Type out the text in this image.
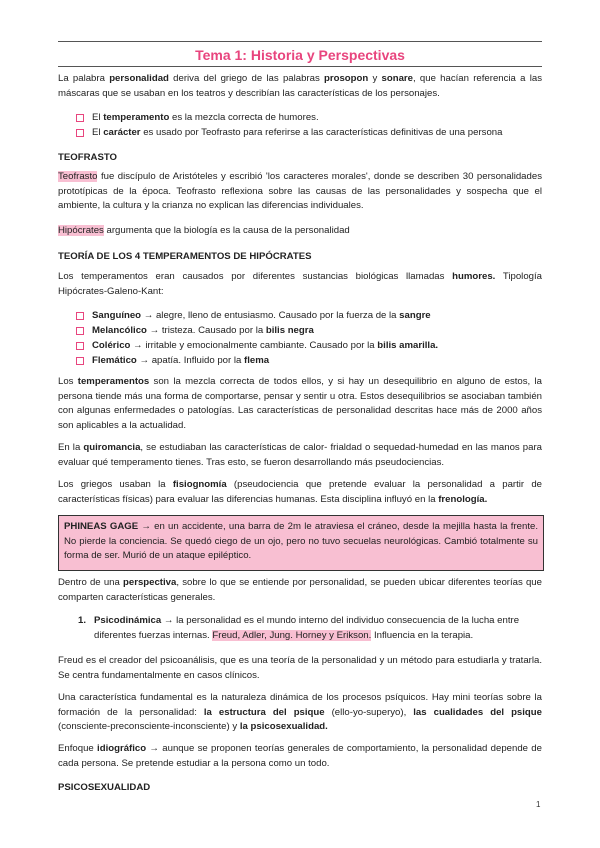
Tema 1: Historia y Perspectivas
La palabra personalidad deriva del griego de las palabras prosopon y sonare, que hacían referencia a las máscaras que se usaban en los teatros y describían las características de los personajes.
El temperamento es la mezcla correcta de humores.
El carácter es usado por Teofrasto para referirse a las características definitivas de una persona
TEOFRASTO
Teofrasto fue discípulo de Aristóteles y escribió 'los caracteres morales', donde se describen 30 personalidades prototípicas de la época. Teofrasto reflexiona sobre las causas de las personalidades y sospecha que el ambiente, la cultura y la crianza no explican las diferencias individuales.
Hipócrates argumenta que la biología es la causa de la personalidad
TEORÍA DE LOS 4 TEMPERAMENTOS DE HIPÓCRATES
Los temperamentos eran causados por diferentes sustancias biológicas llamadas humores. Tipología Hipócrates-Galeno-Kant:
Sanguíneo → alegre, lleno de entusiasmo. Causado por la fuerza de la sangre
Melancólico → tristeza. Causado por la bilis negra
Colérico → irritable y emocionalmente cambiante. Causado por la bilis amarilla.
Flemático → apatía. Influido por la flema
Los temperamentos son la mezcla correcta de todos ellos, y si hay un desequilibrio en alguno de estos, la persona tiende más una forma de comportarse, pensar y sentir u otra. Estos desequilibrios se asociaban también con algunas enfermedades o patologías. Las características de personalidad descritas hace más de 2000 años son aplicables a la actualidad.
En la quiromancia, se estudiaban las características de calor- frialdad o sequedad-humedad en las manos para evaluar qué temperamento tienes. Tras esto, se fueron desarrollando más pseudociencias.
Los griegos usaban la fisiognomía (pseudociencia que pretende evaluar la personalidad a partir de características físicas) para evaluar las diferencias humanas. Esta disciplina influyó en la frenología.
PHINEAS GAGE → en un accidente, una barra de 2m le atraviesa el cráneo, desde la mejilla hasta la frente. No pierde la conciencia. Se quedó ciego de un ojo, pero no tuvo secuelas neurológicas. Cambió totalmente su forma de ser. Murió de un ataque epiléptico.
Dentro de una perspectiva, sobre lo que se entiende por personalidad, se pueden ubicar diferentes teorías que comparten características generales.
1. Psicodinámica → la personalidad es el mundo interno del individuo consecuencia de la lucha entre diferentes fuerzas internas. Freud, Adler, Jung. Horney y Erikson. Influencia en la terapia.
Freud es el creador del psicoanálisis, que es una teoría de la personalidad y un método para estudiarla y tratarla. Se centra fundamentalmente en casos clínicos.
Una característica fundamental es la naturaleza dinámica de los procesos psíquicos. Hay mini teorías sobre la formación de la personalidad: la estructura del psique (ello-yo-superyo), las cualidades del psique (consciente-preconsciente-inconsciente) y la psicosexualidad.
Enfoque idiográfico → aunque se proponen teorías generales de comportamiento, la personalidad depende de cada persona. Se pretende estudiar a la persona como un todo.
PSICOSEXUALIDAD
1
